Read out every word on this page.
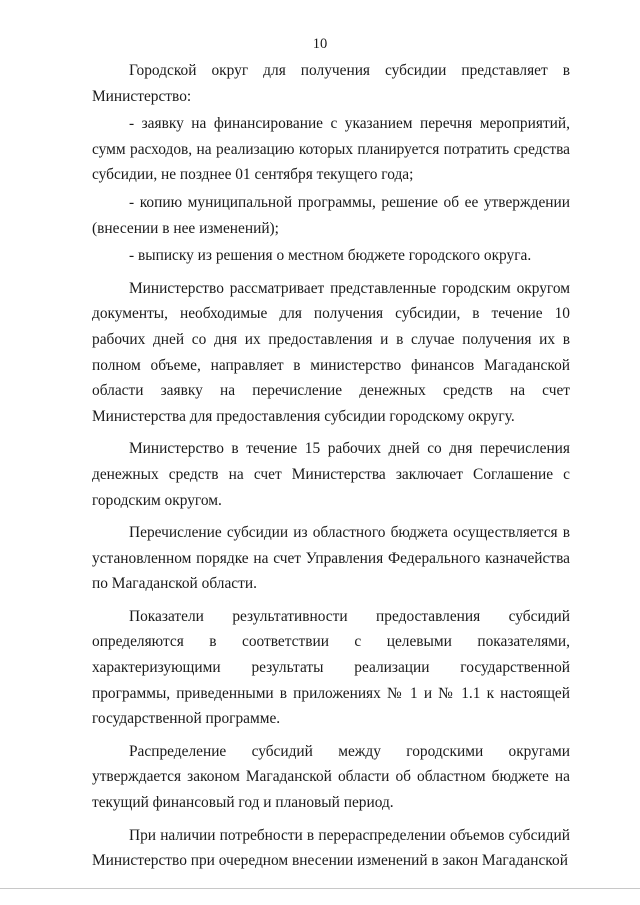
10

Городской округ для получения субсидии представляет в Министерство:

- заявку на финансирование с указанием перечня мероприятий, сумм расходов, на реализацию которых планируется потратить средства субсидии, не позднее 01 сентября текущего года;

- копию муниципальной программы, решение об ее утверждении (внесении в нее изменений);

- выписку из решения о местном бюджете городского округа.

Министерство рассматривает представленные городским округом документы, необходимые для получения субсидии, в течение 10 рабочих дней со дня их предоставления и в случае получения их в полном объеме, направляет в министерство финансов Магаданской области заявку на перечисление денежных средств на счет Министерства для предоставления субсидии городскому округу.

Министерство в течение 15 рабочих дней со дня перечисления денежных средств на счет Министерства заключает Соглашение с городским округом.

Перечисление субсидии из областного бюджета осуществляется в установленном порядке на счет Управления Федерального казначейства по Магаданской области.

Показатели результативности предоставления субсидий определяются в соответствии с целевыми показателями, характеризующими результаты реализации государственной программы, приведенными в приложениях № 1 и № 1.1 к настоящей государственной программе.

Распределение субсидий между городскими округами утверждается законом Магаданской области об областном бюджете на текущий финансовый год и плановый период.

При наличии потребности в перераспределении объемов субсидий Министерство при очередном внесении изменений в закон Магаданской
